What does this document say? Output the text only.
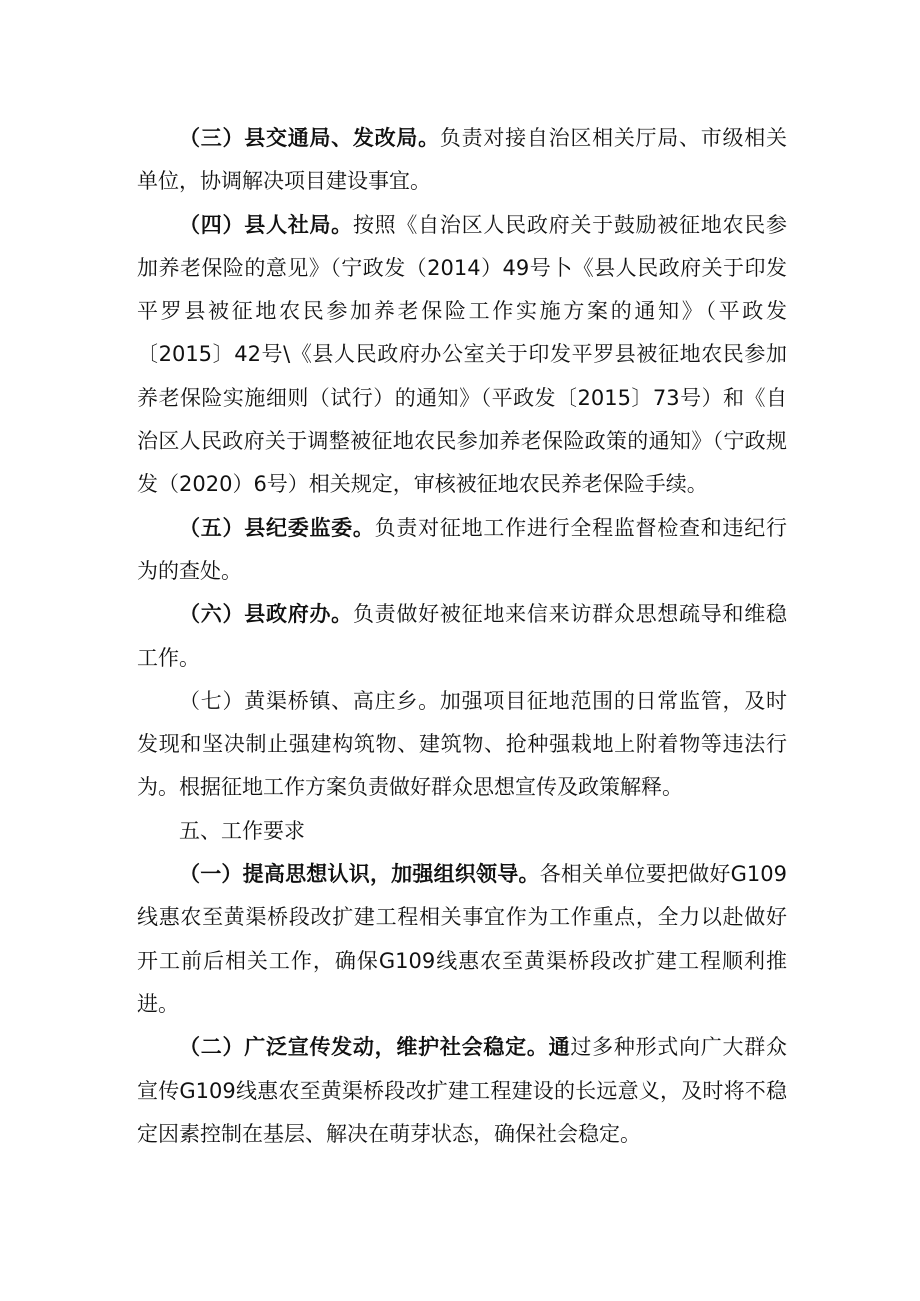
（三）县交通局、发改局。负责对接自治区相关厅局、市级相关单位，协调解决项目建设事宜。

（四）县人社局。按照《自治区人民政府关于鼓励被征地农民参加养老保险的意见》（宁政发（2014）49号卜《县人民政府关于印发平罗县被征地农民参加养老保险工作实施方案的通知》（平政发〔2015〕42号\《县人民政府办公室关于印发平罗县被征地农民参加养老保险实施细则（试行）的通知》（平政发〔2015〕73号）和《自治区人民政府关于调整被征地农民参加养老保险政策的通知》（宁政规发（2020）6号）相关规定，审核被征地农民养老保险手续。

（五）县纪委监委。负责对征地工作进行全程监督检查和违纪行为的查处。

（六）县政府办。负责做好被征地来信来访群众思想疏导和维稳工作。

（七）黄渠桥镇、高庄乡。加强项目征地范围的日常监管，及时发现和坚决制止强建构筑物、建筑物、抢种强栽地上附着物等违法行为。根据征地工作方案负责做好群众思想宣传及政策解释。

五、工作要求

（一）提高思想认识，加强组织领导。各相关单位要把做好G109线惠农至黄渠桥段改扩建工程相关事宜作为工作重点，全力以赴做好开工前后相关工作，确保G109线惠农至黄渠桥段改扩建工程顺利推进。

（二）广泛宣传发动，维护社会稳定。通过多种形式向广大群众宣传G109线惠农至黄渠桥段改扩建工程建设的长远意义，及时将不稳定因素控制在基层、解决在萌芽状态，确保社会稳定。
